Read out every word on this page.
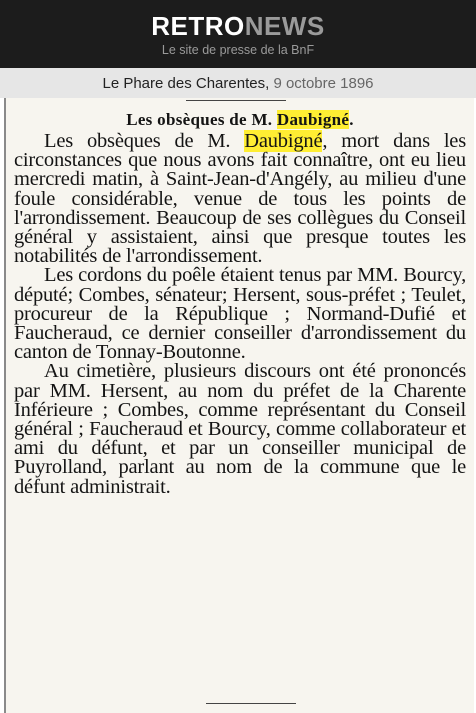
RETRONEWS
Le site de presse de la BnF
Le Phare des Charentes,
9 octobre 1896
Les obsèques de M. Daubigné.

Les obsèques de M. Daubigné, mort dans les circonstances que nous avons fait connaître, ont eu lieu mercredi matin, à Saint-Jean-d'Angély, au milieu d'une foule considérable, venue de tous les points de l'arrondissement. Beaucoup de ses collègues du Conseil général y assistaient, ainsi que presque toutes les notabilités de l'arrondissement.

Les cordons du poêle étaient tenus par MM. Bourcy, député; Combes, sénateur; Hersent, sous-préfet ; Teulet, procureur de la République ; Normand-Dufié et Faucheraud, ce dernier conseiller d'arrondissement du canton de Tonnay-Boutonne.

Au cimetière, plusieurs discours ont été prononcés par MM. Hersent, au nom du préfet de la Charente Inférieure ; Combes, comme représentant du Conseil général ; Faucheraud et Bourcy, comme collaborateur et ami du défunt, et par un conseiller municipal de Puyrolland, parlant au nom de la commune que le défunt administrait.
